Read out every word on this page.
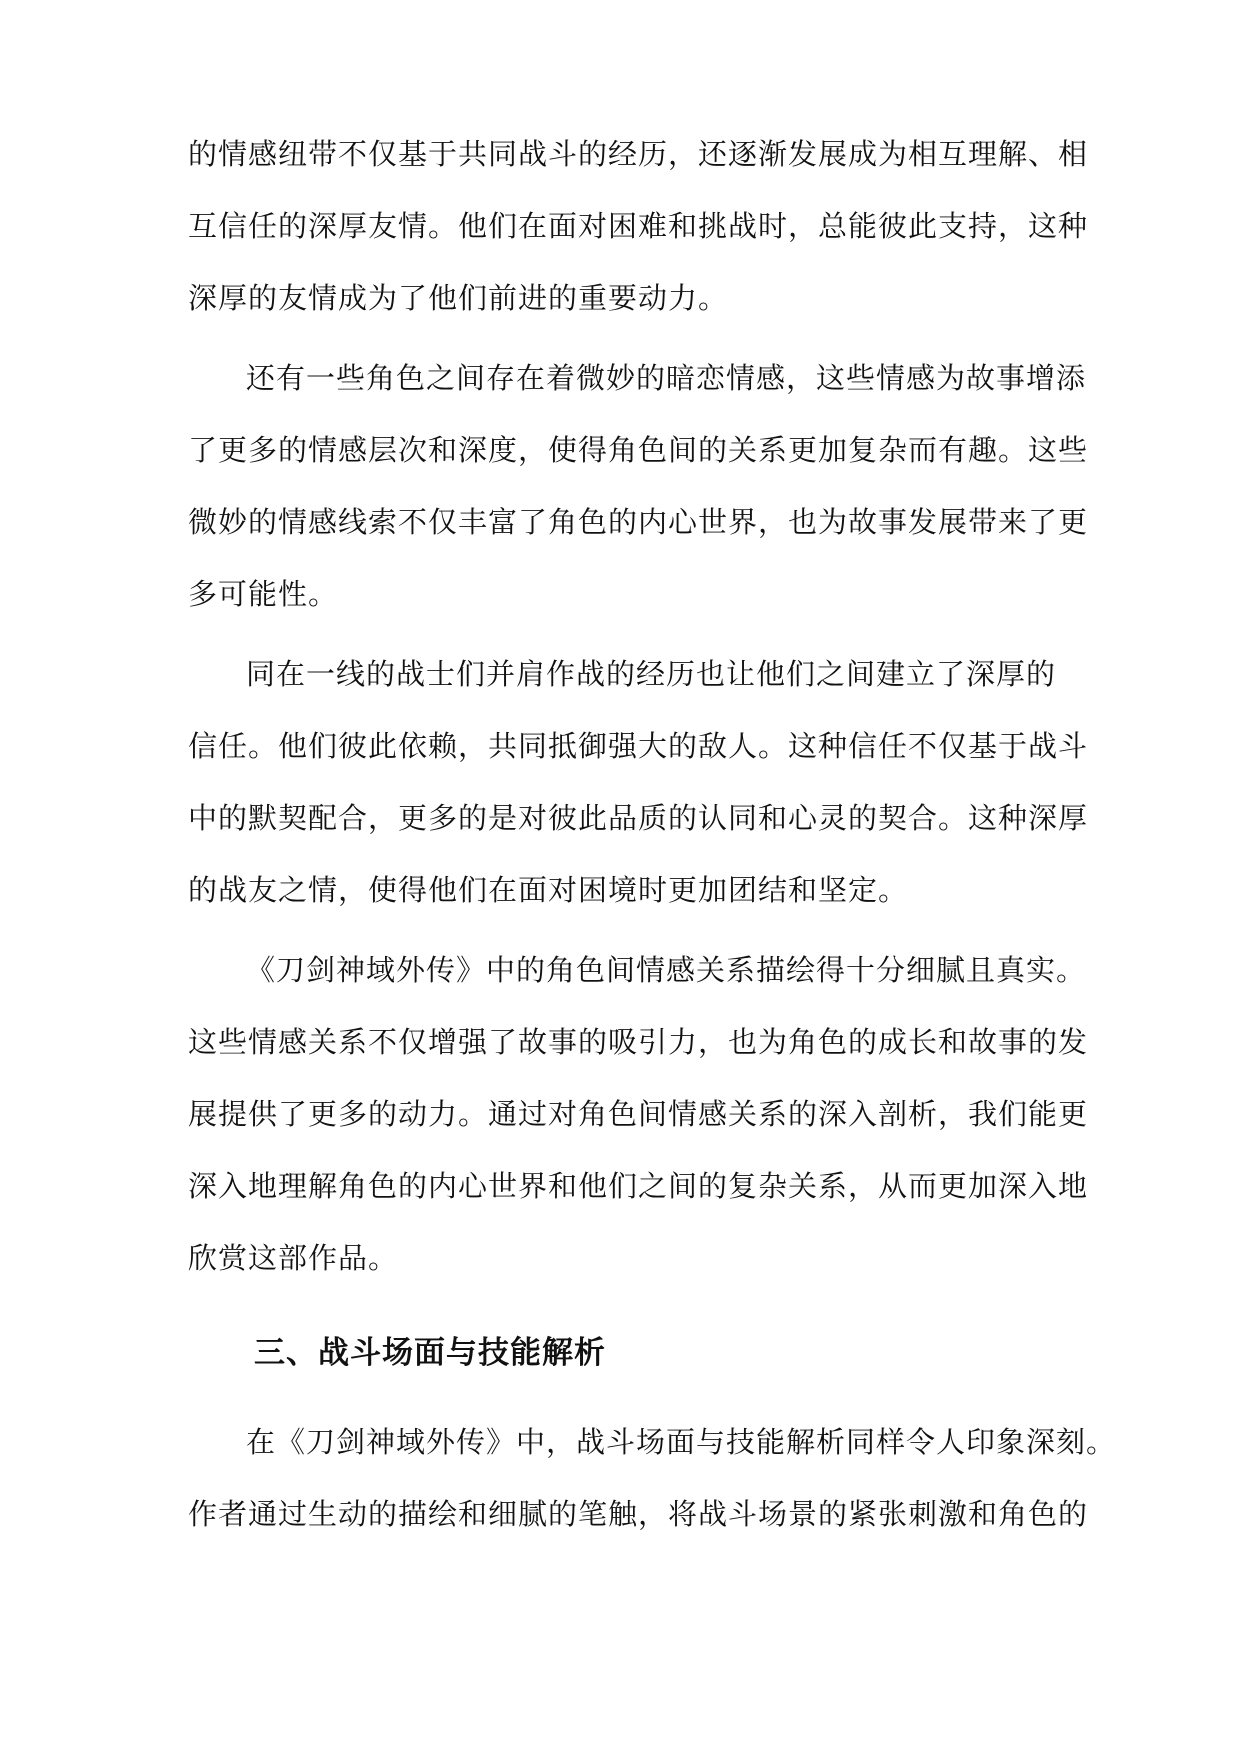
的情感纽带不仅基于共同战斗的经历，还逐渐发展成为相互理解、相
互信任的深厚友情。他们在面对困难和挑战时，总能彼此支持，这种
深厚的友情成为了他们前进的重要动力。
还有一些角色之间存在着微妙的暗恋情感，这些情感为故事增添
了更多的情感层次和深度，使得角色间的关系更加复杂而有趣。这些
微妙的情感线索不仅丰富了角色的内心世界，也为故事发展带来了更
多可能性。
同在一线的战士们并肩作战的经历也让他们之间建立了深厚的
信任。他们彼此依赖，共同抵御强大的敌人。这种信任不仅基于战斗
中的默契配合，更多的是对彼此品质的认同和心灵的契合。这种深厚
的战友之情，使得他们在面对困境时更加团结和坚定。
《刀剑神域外传》中的角色间情感关系描绘得十分细腻且真实。
这些情感关系不仅增强了故事的吸引力，也为角色的成长和故事的发
展提供了更多的动力。通过对角色间情感关系的深入剖析，我们能更
深入地理解角色的内心世界和他们之间的复杂关系，从而更加深入地
欣赏这部作品。
三、战斗场面与技能解析
在《刀剑神域外传》中，战斗场面与技能解析同样令人印象深刻。
作者通过生动的描绘和细腻的笔触，将战斗场景的紧张刺激和角色的
